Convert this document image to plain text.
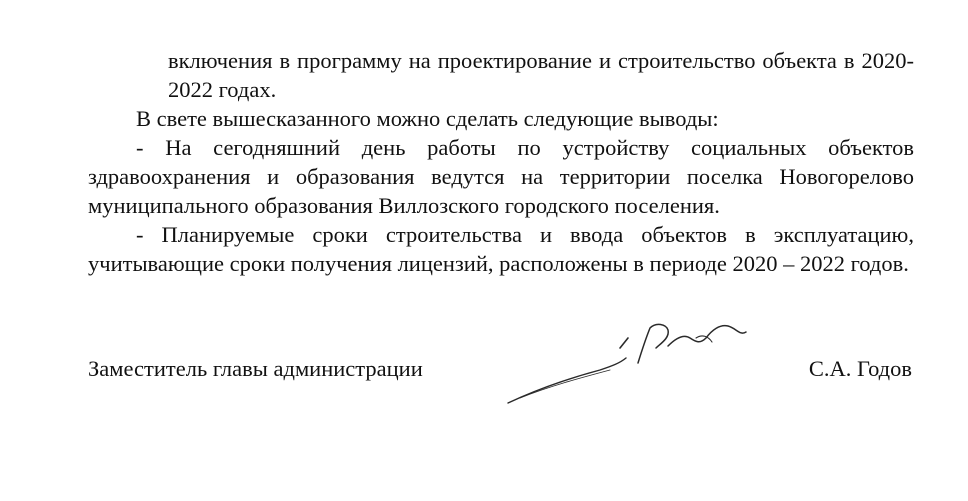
включения в программу на проектирование и строительство объекта в 2020-2022 годах.

В свете вышесказанного можно сделать следующие выводы:

- На сегодняшний день работы по устройству социальных объектов здравоохранения и образования ведутся на территории поселка Новогорелово муниципального образования Виллозского городского поселения.

- Планируемые сроки строительства и ввода объектов в эксплуатацию, учитывающие сроки получения лицензий, расположены в периоде 2020 – 2022 годов.

Заместитель главы администрации	С.А. Годов
